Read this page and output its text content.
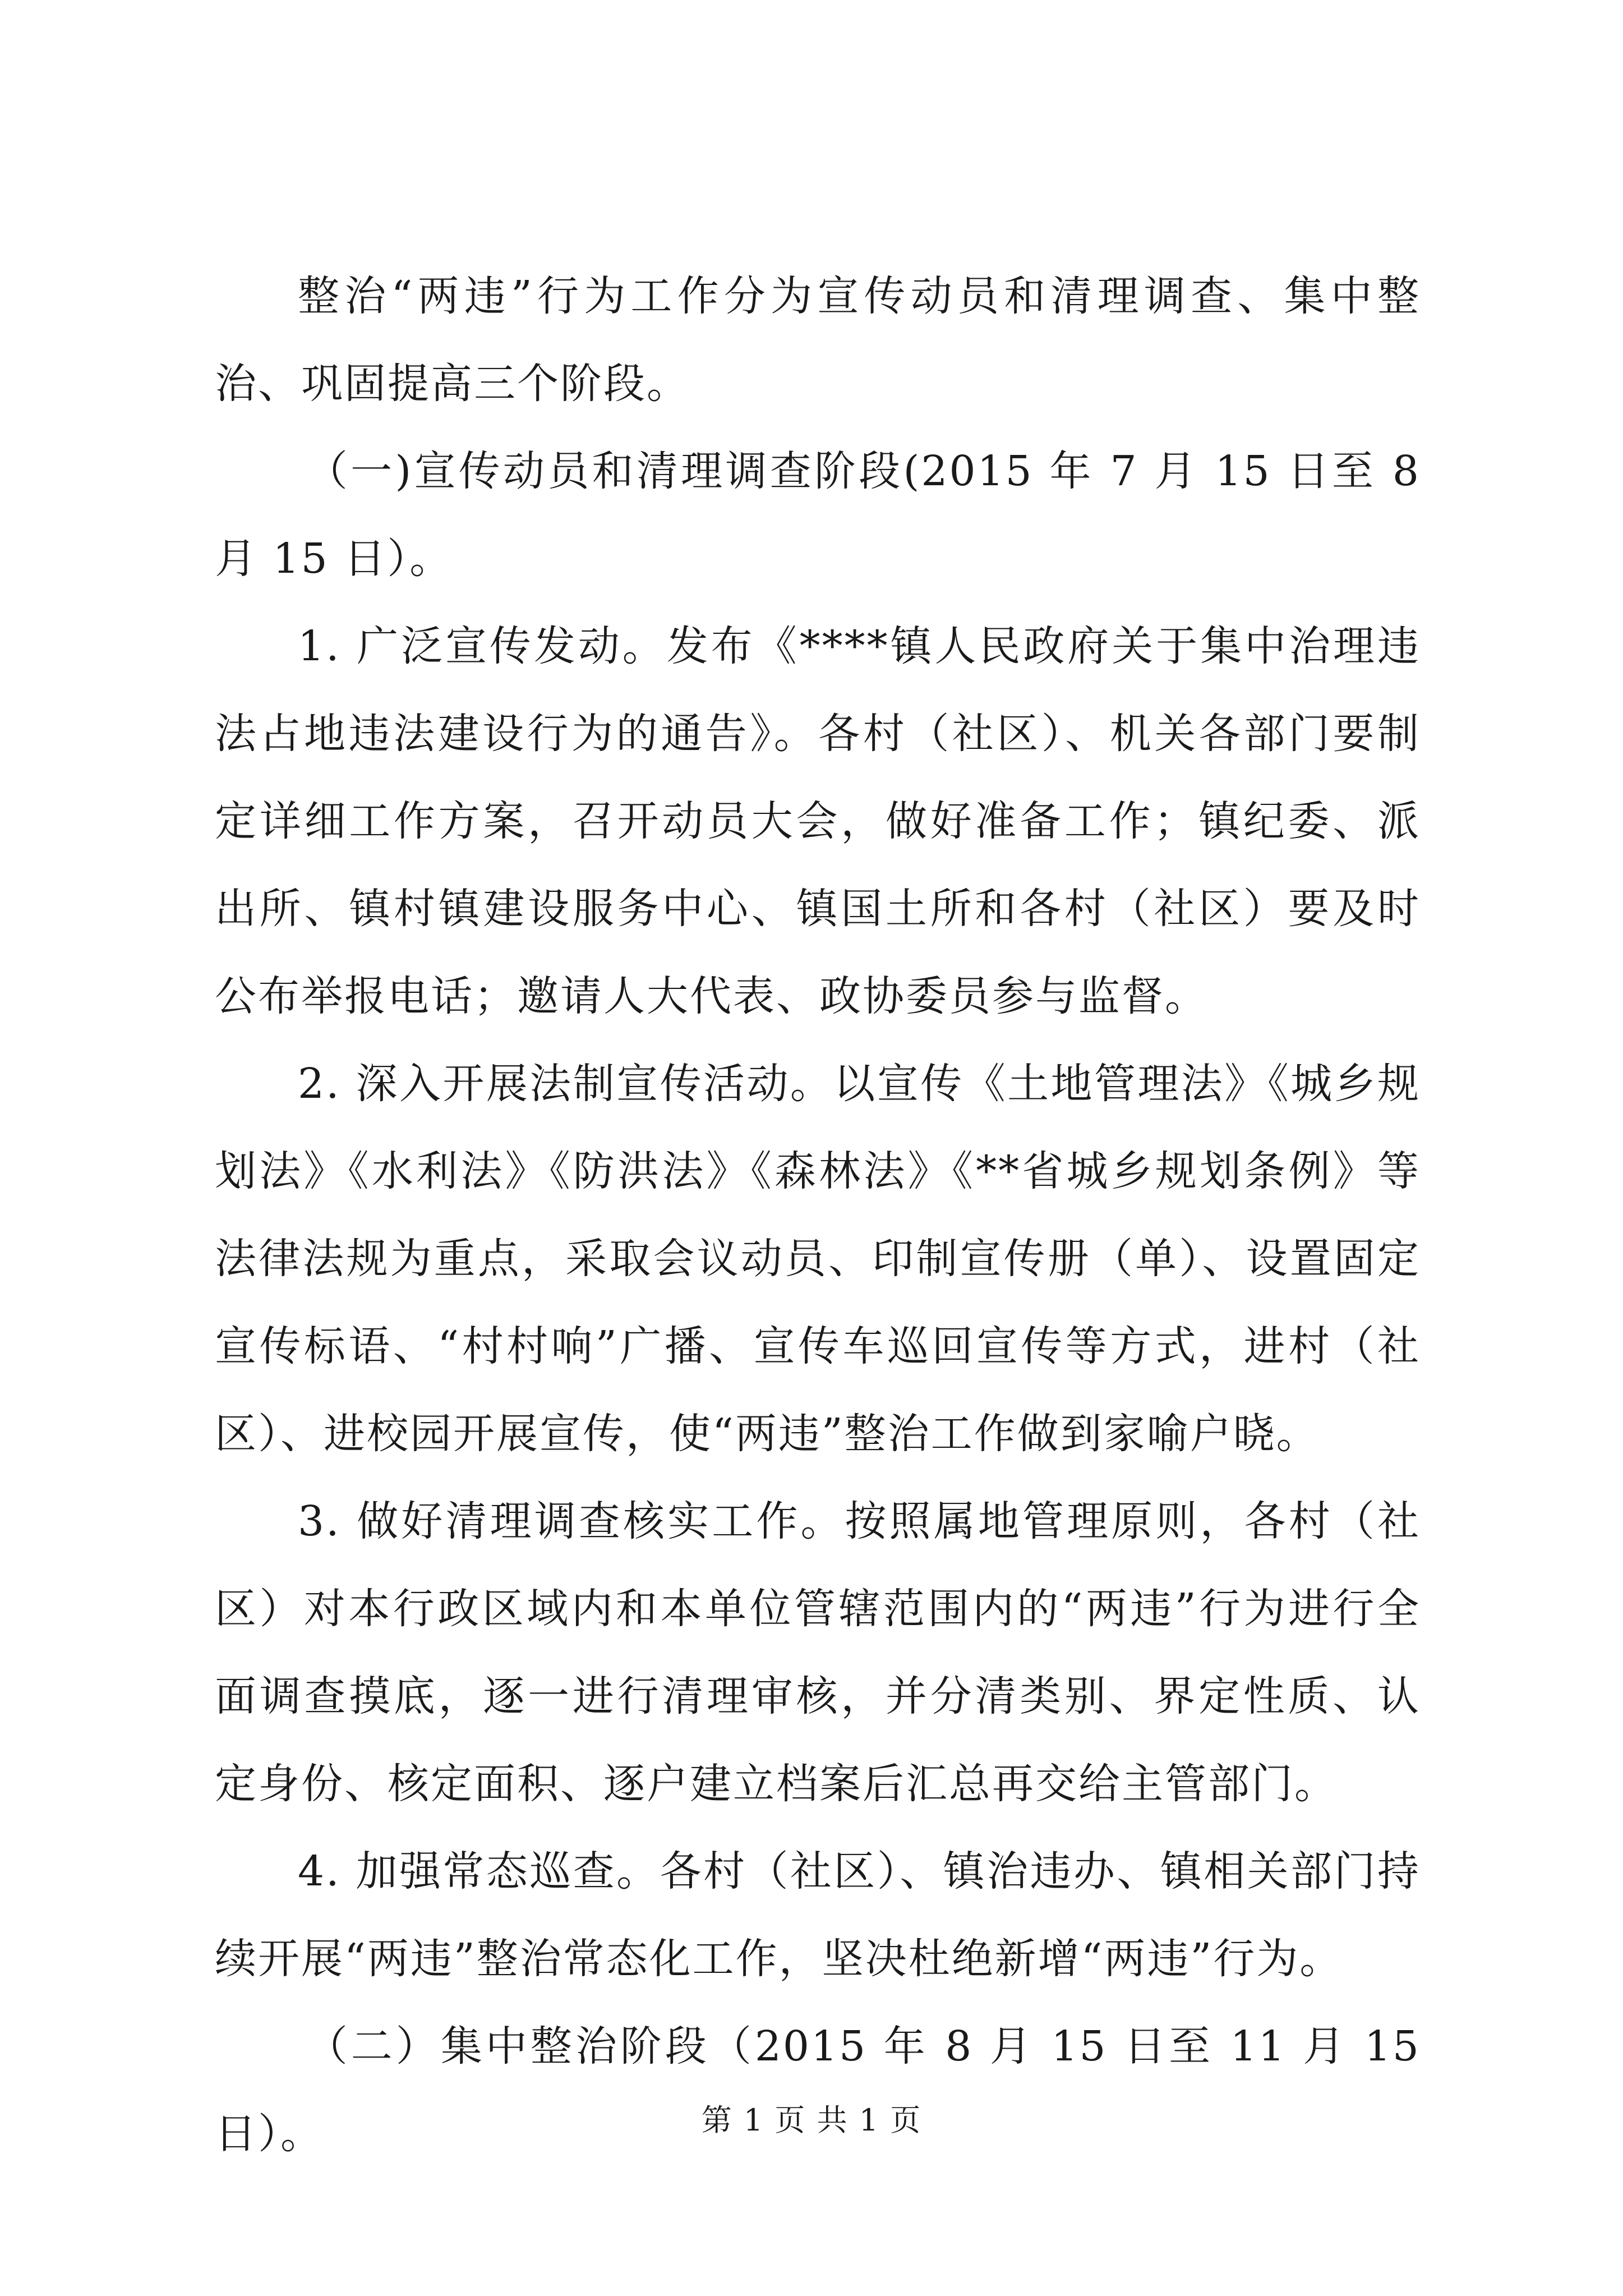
整治“两违”行为工作分为宣传动员和清理调查、集中整治、巩固提高三个阶段。

（一)宣传动员和清理调查阶段(2015 年 7 月 15 日至 8 月 15 日）。

1. 广泛宣传发动。发布《****镇人民政府关于集中治理违法占地违法建设行为的通告》。各村（社区）、机关各部门要制定详细工作方案，召开动员大会，做好准备工作；镇纪委、派出所、镇村镇建设服务中心、镇国土所和各村（社区）要及时公布举报电话；邀请人大代表、政协委员参与监督。

2. 深入开展法制宣传活动。以宣传《土地管理法》《城乡规划法》《水利法》《防洪法》《森林法》《**省城乡规划条例》等法律法规为重点，采取会议动员、印制宣传册（单）、设置固定宣传标语、“村村响”广播、宣传车巡回宣传等方式，进村（社区）、进校园开展宣传，使“两违”整治工作做到家喻户晓。

3. 做好清理调查核实工作。按照属地管理原则，各村（社区）对本行政区域内和本单位管辖范围内的“两违”行为进行全面调查摸底，逐一进行清理审核，并分清类别、界定性质、认定身份、核定面积、逐户建立档案后汇总再交给主管部门。

4. 加强常态巡查。各村（社区）、镇治违办、镇相关部门持续开展“两违”整治常态化工作，坚决杜绝新增“两违”行为。

（二）集中整治阶段（2015 年 8 月 15 日至 11 月 15 日）。	第 1 页 共 1 页
